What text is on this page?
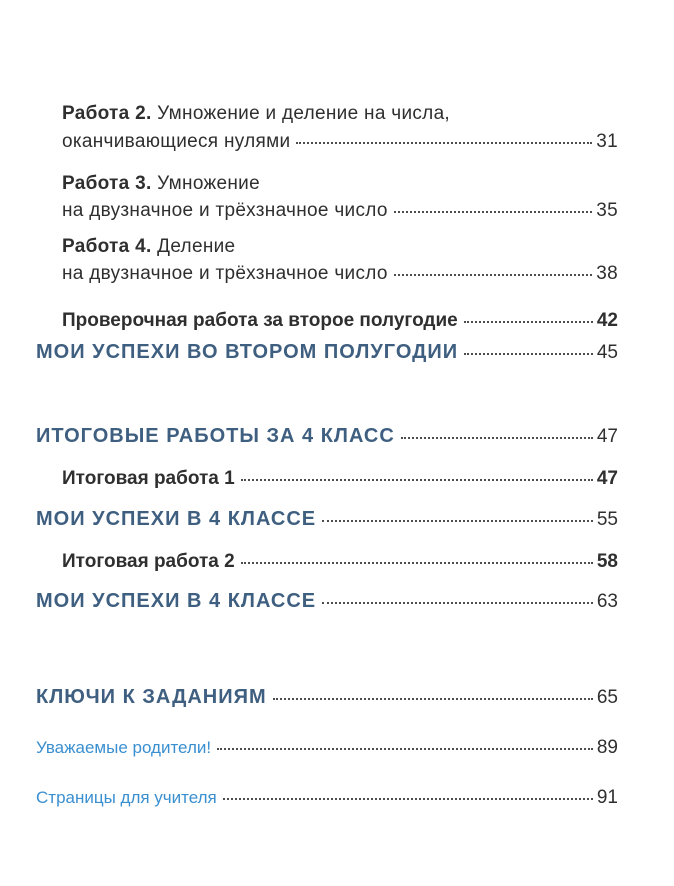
Работа 2. Умножение и деление на числа,
оканчивающиеся нулями	31
Работа 3. Умножение
на двузначное и трёхзначное число	35
Работа 4. Деление
на двузначное и трёхзначное число	38
Проверочная работа за второе полугодие	42
МОИ УСПЕХИ ВО ВТОРОМ ПОЛУГОДИИ	45
ИТОГОВЫЕ РАБОТЫ ЗА 4 КЛАСС	47
Итоговая работа 1	47
МОИ УСПЕХИ В 4 КЛАССЕ	55
Итоговая работа 2	58
МОИ УСПЕХИ В 4 КЛАССЕ	63
КЛЮЧИ К ЗАДАНИЯМ	65
Уважаемые родители!	89
Страницы для учителя	91
